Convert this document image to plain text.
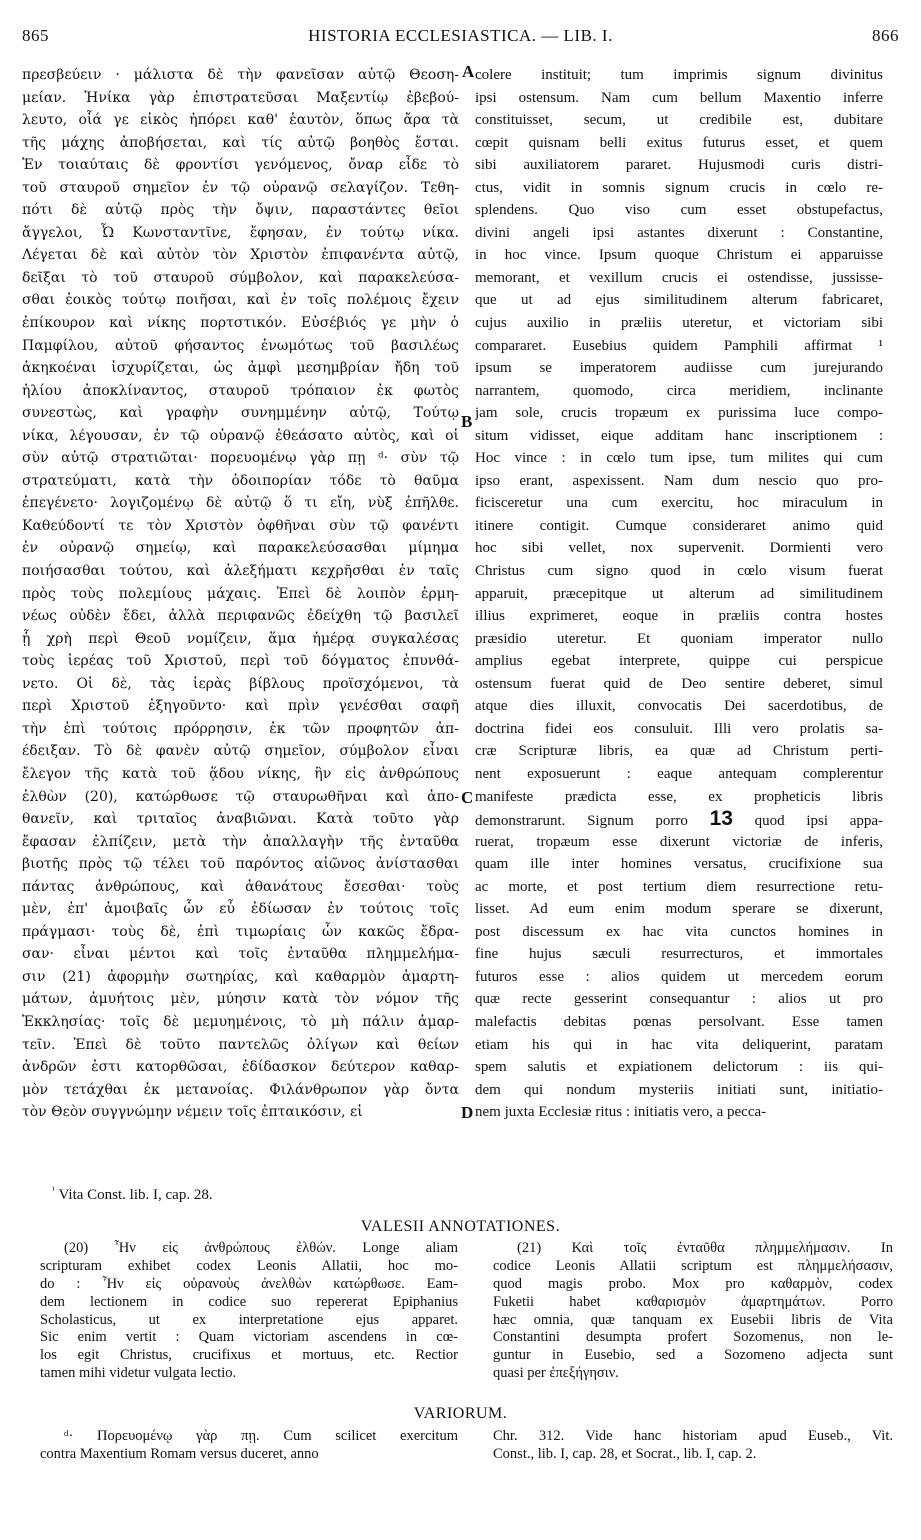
865	HISTORIA ECCLESIASTICA. — LIB. I.	866
πρεσβεύειν · μάλιστα δὲ τὴν φανεῖσαν αὐτῷ Θεοση-
μείαν. Ἡνίκα γὰρ ἐπιστρατεῦσαι Μαξεντίῳ ἐβεβού-
λευτο, οἷά γε εἰκὸς ἠπόρει καθ' ἑαυτὸν, ὅπως ἄρα τὰ
τῆς μάχης ἀποβήσεται, καὶ τίς αὐτῷ βοηθὸς ἔσται.
Ἐν τοιαύταις δὲ φροντίσι γενόμενος, ὄναρ εἶδε τὸ
τοῦ σταυροῦ σημεῖον ἐν τῷ οὐρανῷ σελαγίζον. Τεθη-
πότι δὲ αὐτῷ πρὸς τὴν ὄψιν, παραστάντες θεῖοι
ἄγγελοι, Ὦ Κωνσταντῖνε, ἔφησαν, ἐν τούτῳ νίκα.
Λέγεται δὲ καὶ αὐτὸν τὸν Χριστὸν ἐπιφανέντα αὐτῷ,
δεῖξαι τὸ τοῦ σταυροῦ σύμβολον, καὶ παρακελεύσα-
σθαι ἐοικὸς τούτῳ ποιῆσαι, καὶ ἐν τοῖς πολέμοις ἔχειν
ἐπίκουρον καὶ νίκης πορτστικόν. Εὐσέβιός γε μὴν ὁ
Παμφίλου, αὐτοῦ φήσαντος ἐνωμότως τοῦ βασιλέως
ἀκηκοέναι ἰσχυρίζεται, ὡς ἀμφὶ μεσημβρίαν ἤδη τοῦ
ἡλίου ἀποκλίναντος, σταυροῦ τρόπαιον ἐκ φωτὸς
συνεστὼς, καὶ γραφὴν συνημμένην αὐτῷ, Τούτῳ
νίκα, λέγουσαν, ἐν τῷ οὐρανῷ ἐθεάσατο αὐτὸς, καὶ οἱ
σὺν αὐτῷ στρατιῶται· πορευομένῳ γὰρ πῃ ᵈ· σὺν τῷ
στρατεύματι, κατὰ τὴν ὁδοιπορίαν τόδε τὸ θαῦμα
ἐπεγένετο· λογιζομένῳ δὲ αὐτῷ ὅ τι εἴη, νὺξ ἐπῆλθε.
Καθεύδοντί τε τὸν Χριστὸν ὀφθῆναι σὺν τῷ φανέντι
ἐν οὐρανῷ σημείῳ, καὶ παρακελεύσασθαι μίμημα
ποιήσασθαι τούτου, καὶ ἀλεξήματι κεχρῆσθαι ἐν ταῖς
πρὸς τοὺς πολεμίους μάχαις. Ἐπεὶ δὲ λοιπὸν ἑρμη-
νέως οὐδὲν ἔδει, ἀλλὰ περιφανῶς ἐδείχθη τῷ βασιλεῖ
ᾗ χρὴ περὶ Θεοῦ νομίζειν, ἅμα ἡμέρᾳ συγκαλέσας
τοὺς ἱερέας τοῦ Χριστοῦ, περὶ τοῦ δόγματος ἐπυνθά-
νετο. Οἱ δὲ, τὰς ἱερὰς βίβλους προϊσχόμενοι, τὰ
περὶ Χριστοῦ ἐξηγοῦντο· καὶ πρὶν γενέσθαι σαφῆ
τὴν ἐπὶ τούτοις πρόρρησιν, ἐκ τῶν προφητῶν ἀπ-
έδειξαν. Τὸ δὲ φανὲν αὐτῷ σημεῖον, σύμβολον εἶναι
ἔλεγον τῆς κατὰ τοῦ ᾅδου νίκης, ἣν εἰς ἀνθρώπους
ἐλθὼν (20), κατώρθωσε τῷ σταυρωθῆναι καὶ ἀπο-
θανεῖν, καὶ τριταῖος ἀναβιῶναι. Κατὰ τοῦτο γὰρ
ἔφασαν ἐλπίζειν, μετὰ τὴν ἀπαλλαγὴν τῆς ἐνταῦθα
βιοτῆς πρὸς τῷ τέλει τοῦ παρόντος αἰῶνος ἀνίστασθαι
πάντας ἀνθρώπους, καὶ ἀθανάτους ἔσεσθαι· τοὺς
μὲν, ἐπ' ἀμοιβαῖς ὧν εὖ ἐδίωσαν ἐν τούτοις τοῖς
πράγμασι· τοὺς δὲ, ἐπὶ τιμωρίαις ὧν κακῶς ἔδρα-
σαν· εἶναι μέντοι καὶ τοῖς ἐνταῦθα πλημμελήμα-
σιν (21) ἀφορμὴν σωτηρίας, καὶ καθαρμὸν ἁμαρτη-
μάτων, ἀμυήτοις μὲν, μύησιν κατὰ τὸν νόμον τῆς
Ἐκκλησίας· τοῖς δὲ μεμυημένοις, τὸ μὴ πάλιν ἁμαρ-
τεῖν. Ἐπεὶ δὲ τοῦτο παντελῶς ὀλίγων καὶ θείων
ἀνδρῶν ἐστι κατορθῶσαι, ἐδίδασκον δεύτερον καθαρ-
μὸν τετάχθαι ἐκ μετανοίας. Φιλάνθρωπον γὰρ ὄντα
τὸν Θεὸν συγγνώμην νέμειν τοῖς ἐπταικόσιν, εἰ
colere instituit; tum imprimis signum divinitus
ipsi ostensum. Nam cum bellum Maxentio inferre
constituisset, secum, ut credibile est, dubitare
cœpit quisnam belli exitus futurus esset, et quem
sibi auxiliatorem pararet. Hujusmodi curis distri-
ctus, vidit in somnis signum crucis in cœlo re-
splendens. Quo viso cum esset obstupefactus,
divini angeli ipsi astantes dixerunt : Constantine,
in hoc vince. Ipsum quoque Christum ei apparuisse
memorant, et vexillum crucis ei ostendisse, jussisse-
que ut ad ejus similitudinem alterum fabricaret,
cujus auxilio in præliis uteretur, et victoriam sibi
compararet. Eusebius quidem Pamphili affirmat ¹
ipsum se imperatorem audiisse cum jurejurando
narrantem, quomodo, circa meridiem, inclinante
jam sole, crucis tropæum ex purissima luce compo-
situm vidisset, eique additam hanc inscriptionem :
Hoc vince : in cœlo tum ipse, tum milites qui cum
ipso erant, aspexissent. Nam dum nescio quo pro-
ficisceretur una cum exercitu, hoc miraculum in
itinere contigit. Cumque consideraret animo quid
hoc sibi vellet, nox supervenit. Dormienti vero
Christus cum signo quod in cœlo visum fuerat
apparuit, præcepitque ut alterum ad similitudinem
illius exprimeret, eoque in præliis contra hostes
præsidio uteretur. Et quoniam imperator nullo
amplius egebat interprete, quippe cui perspicue
ostensum fuerat quid de Deo sentire deberet, simul
atque dies illuxit, convocatis Dei sacerdotibus, de
doctrina fidei eos consuluit. Illi vero prolatis sa-
cræ Scripturæ libris, ea quæ ad Christum perti-
nent exposuerunt : eaque antequam complerentur
manifeste prædicta esse, ex propheticis libris
demonstrarunt. Signum porro 13 quod ipsi appa-
ruerat, tropæum esse dixerunt victoriæ de inferis,
quam ille inter homines versatus, crucifixione sua
ac morte, et post tertium diem resurrectione retu-
lisset. Ad eum enim modum sperare se dixerunt,
post discessum ex hac vita cunctos homines in
fine hujus sæculi resurrecturos, et immortales
futuros esse : alios quidem ut mercedem eorum
quæ recte gesserint consequantur : alios ut pro
malefactis debitas pœnas persolvant. Esse tamen
etiam his qui in hac vita deliquerint, paratam
spem salutis et expiationem delictorum : iis qui-
dem qui nondum mysteriis initiati sunt, initiatio-
nem juxta Ecclesiæ ritus : initiatis vero, a pecca-
A
B
C
D
$^{^1}$ Vita Const. lib. I, cap. 28.
VALESII ANNOTATIONES.
(20) Ἦν εἰς ἀνθρώπους ἐλθών. Longe aliam
scripturam exhibet codex Leonis Allatii, hoc mo-
do : Ἦν εἰς οὐρανοὺς ἀνελθὼν κατώρθωσε. Eam-
dem lectionem in codice suo repererat Epiphanius
Scholasticus, ut ex interpretatione ejus apparet.
Sic enim vertit : Quam victoriam ascendens in cœ-
los egit Christus, crucifixus et mortuus, etc. Rectior
tamen mihi videtur vulgata lectio.
(21) Καὶ τοῖς ἐνταῦθα πλημμελήμασιν. In
codice Leonis Allatii scriptum est πλημμελήσασιν,
quod magis probo. Mox pro καθαρμὸν, codex
Fuketii habet καθαρισμὸν ἁμαρτημάτων. Porro
hæc omnia, quæ tanquam ex Eusebii libris de Vita
Constantini desumpta profert Sozomenus, non le-
guntur in Eusebio, sed a Sozomeno adjecta sunt
quasi per ἐπεξήγησιν.
VARIORUM.
ᵈ· Πορευομένῳ γὰρ πῃ. Cum scilicet exercitum
contra Maxentium Romam versus duceret, anno
Chr. 312. Vide hanc historiam apud Euseb., Vit.
Const., lib. I, cap. 28, et Socrat., lib. I, cap. 2.
